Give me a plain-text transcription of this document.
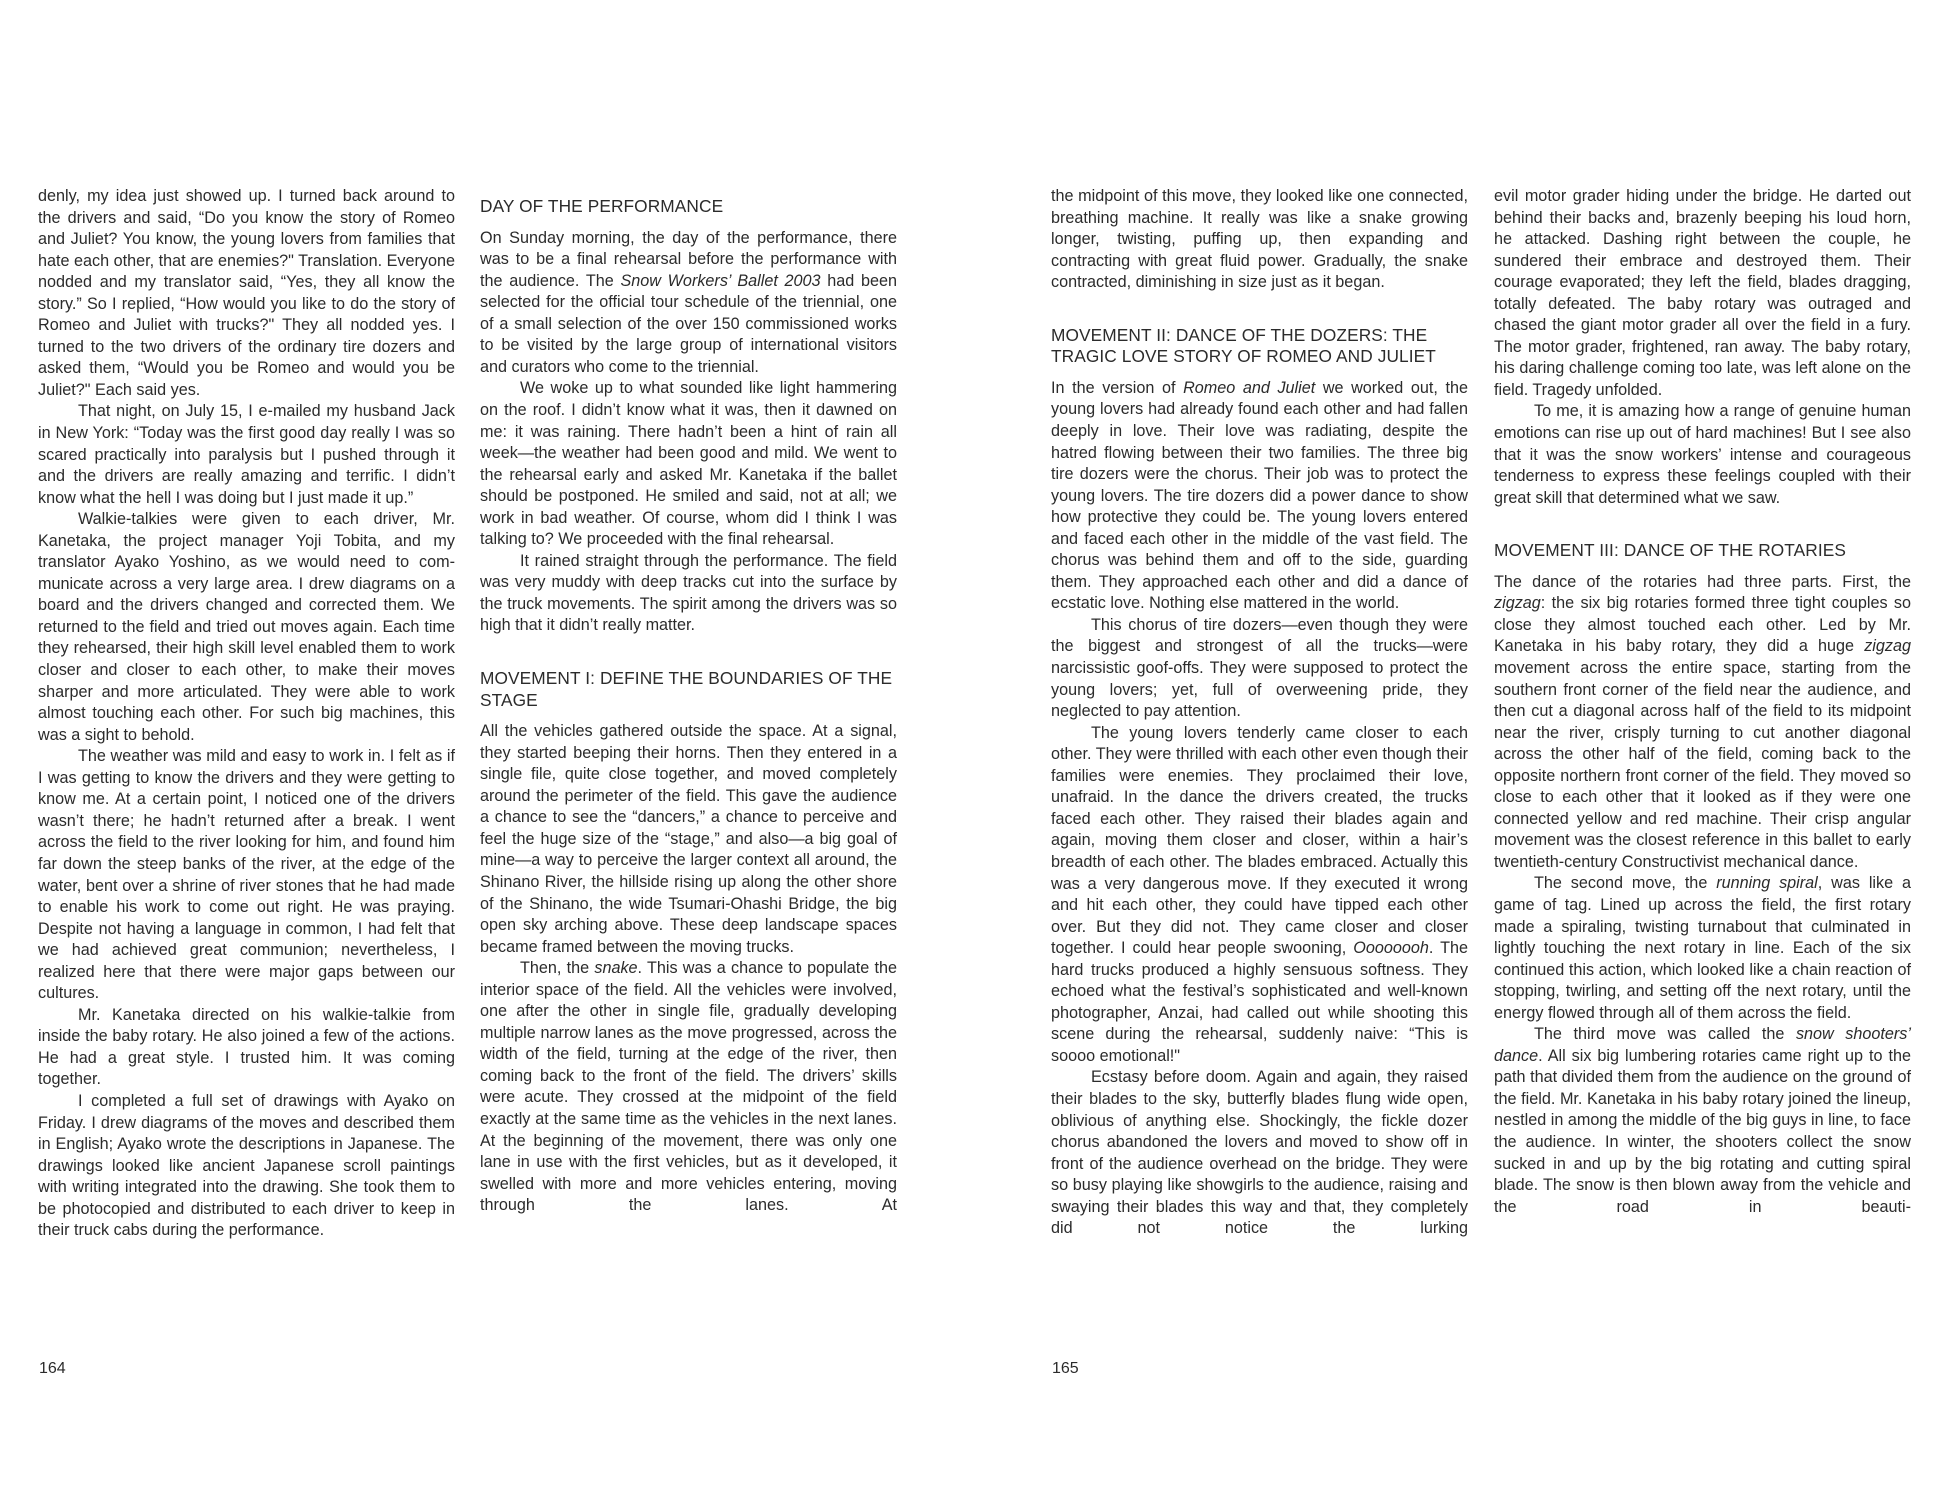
denly, my idea just showed up. I turned back around to the drivers and said, “Do you know the story of Romeo and Juliet? You know, the young lovers from families that hate each other, that are enemies?" Translation. Everyone nodded and my translator said, “Yes, they all know the story.” So I replied, “How would you like to do the story of Romeo and Juliet with trucks?" They all nodded yes. I turned to the two drivers of the ordinary tire dozers and asked them, “Would you be Romeo and would you be Juliet?" Each said yes.

That night, on July 15, I e-mailed my husband Jack in New York: “Today was the first good day really I was so scared practically into paralysis but I pushed through it and the drivers are really amazing and terrific. I didn’t know what the hell I was doing but I just made it up.”

Walkie-talkies were given to each driver, Mr. Kanetaka, the project manager Yoji Tobita, and my translator Ayako Yoshino, as we would need to communicate across a very large area. I drew diagrams on a board and the drivers changed and corrected them. We returned to the field and tried out moves again. Each time they rehearsed, their high skill level enabled them to work closer and closer to each other, to make their moves sharper and more articulated. They were able to work almost touching each other. For such big machines, this was a sight to behold.

The weather was mild and easy to work in. I felt as if I was getting to know the drivers and they were getting to know me. At a certain point, I noticed one of the drivers wasn’t there; he hadn’t returned after a break. I went across the field to the river looking for him, and found him far down the steep banks of the river, at the edge of the water, bent over a shrine of river stones that he had made to enable his work to come out right. He was praying. Despite not having a language in common, I had felt that we had achieved great communion; nevertheless, I realized here that there were major gaps between our cultures.

Mr. Kanetaka directed on his walkie-talkie from inside the baby rotary. He also joined a few of the actions. He had a great style. I trusted him. It was coming together.

I completed a full set of drawings with Ayako on Friday. I drew diagrams of the moves and described them in English; Ayako wrote the descriptions in Japanese. The drawings looked like ancient Japanese scroll paintings with writing integrated into the drawing. She took them to be photocopied and distributed to each driver to keep in their truck cabs during the performance.

DAY OF THE PERFORMANCE

On Sunday morning, the day of the performance, there was to be a final rehearsal before the performance with the audience. The Snow Workers’ Ballet 2003 had been selected for the official tour schedule of the triennial, one of a small selection of the over 150 commissioned works to be visited by the large group of international visitors and curators who come to the triennial.

We woke up to what sounded like light hammering on the roof. I didn’t know what it was, then it dawned on me: it was raining. There hadn’t been a hint of rain all week—the weather had been good and mild. We went to the rehearsal early and asked Mr. Kanetaka if the ballet should be postponed. He smiled and said, not at all; we work in bad weather. Of course, whom did I think I was talking to? We proceeded with the final rehearsal.

It rained straight through the performance. The field was very muddy with deep tracks cut into the surface by the truck movements. The spirit among the drivers was so high that it didn’t really matter.

MOVEMENT I: DEFINE THE BOUNDARIES OF THE STAGE

All the vehicles gathered outside the space. At a signal, they started beeping their horns. Then they entered in a single file, quite close together, and moved completely around the perimeter of the field. This gave the audience a chance to see the “dancers,” a chance to perceive and feel the huge size of the “stage,” and also—a big goal of mine—a way to perceive the larger context all around, the Shinano River, the hillside rising up along the other shore of the Shinano, the wide Tsumari-Ohashi Bridge, the big open sky arching above. These deep landscape spaces became framed between the moving trucks.

Then, the snake. This was a chance to populate the interior space of the field. All the vehicles were involved, one after the other in single file, gradually developing multiple narrow lanes as the move progressed, across the width of the field, turning at the edge of the river, then coming back to the front of the field. The drivers’ skills were acute. They crossed at the midpoint of the field exactly at the same time as the vehicles in the next lanes. At the beginning of the movement, there was only one lane in use with the first vehicles, but as it developed, it swelled with more and more vehicles entering, moving through the lanes. At

164

the midpoint of this move, they looked like one connected, breathing machine. It really was like a snake growing longer, twisting, puffing up, then expanding and contracting with great fluid power. Gradually, the snake contracted, diminishing in size just as it began.

MOVEMENT II: DANCE OF THE DOZERS: THE TRAGIC LOVE STORY OF ROMEO AND JULIET

In the version of Romeo and Juliet we worked out, the young lovers had already found each other and had fallen deeply in love. Their love was radiating, despite the hatred flowing between their two families. The three big tire dozers were the chorus. Their job was to protect the young lovers. The tire dozers did a power dance to show how protective they could be. The young lovers entered and faced each other in the middle of the vast field. The chorus was behind them and off to the side, guarding them. They approached each other and did a dance of ecstatic love. Nothing else mattered in the world.

This chorus of tire dozers—even though they were the biggest and strongest of all the trucks—were narcissistic goof-offs. They were supposed to protect the young lovers; yet, full of overweening pride, they neglected to pay attention.

The young lovers tenderly came closer to each other. They were thrilled with each other even though their families were enemies. They proclaimed their love, unafraid. In the dance the drivers created, the trucks faced each other. They raised their blades again and again, moving them closer and closer, within a hair’s breadth of each other. The blades embraced. Actually this was a very dangerous move. If they executed it wrong and hit each other, they could have tipped each other over. But they did not. They came closer and closer together. I could hear people swooning, Oooooooh. The hard trucks produced a highly sensuous softness. They echoed what the festival’s sophisticated and well-known photographer, Anzai, had called out while shooting this scene during the rehearsal, suddenly naive: “This is soooo emotional!"

Ecstasy before doom. Again and again, they raised their blades to the sky, butterfly blades flung wide open, oblivious of anything else. Shockingly, the fickle dozer chorus abandoned the lovers and moved to show off in front of the audience overhead on the bridge. They were so busy playing like showgirls to the audience, raising and swaying their blades this way and that, they completely did not notice the lurking

evil motor grader hiding under the bridge. He darted out behind their backs and, brazenly beeping his loud horn, he attacked. Dashing right between the couple, he sundered their embrace and destroyed them. Their courage evaporated; they left the field, blades dragging, totally defeated. The baby rotary was outraged and chased the giant motor grader all over the field in a fury. The motor grader, frightened, ran away. The baby rotary, his daring challenge coming too late, was left alone on the field. Tragedy unfolded.

To me, it is amazing how a range of genuine human emotions can rise up out of hard machines! But I see also that it was the snow workers’ intense and courageous tenderness to express these feelings coupled with their great skill that determined what we saw.

MOVEMENT III: DANCE OF THE ROTARIES

The dance of the rotaries had three parts. First, the zigzag: the six big rotaries formed three tight couples so close they almost touched each other. Led by Mr. Kanetaka in his baby rotary, they did a huge zigzag movement across the entire space, starting from the southern front corner of the field near the audience, and then cut a diagonal across half of the field to its midpoint near the river, crisply turning to cut another diagonal across the other half of the field, coming back to the opposite northern front corner of the field. They moved so close to each other that it looked as if they were one connected yellow and red machine. Their crisp angular movement was the closest reference in this ballet to early twentieth-century Constructivist mechanical dance.

The second move, the running spiral, was like a game of tag. Lined up across the field, the first rotary made a spiraling, twisting turnabout that culminated in lightly touching the next rotary in line. Each of the six continued this action, which looked like a chain reaction of stopping, twirling, and setting off the next rotary, until the energy flowed through all of them across the field.

The third move was called the snow shooters’ dance. All six big lumbering rotaries came right up to the path that divided them from the audience on the ground of the field. Mr. Kanetaka in his baby rotary joined the lineup, nestled in among the middle of the big guys in line, to face the audience. In winter, the shooters collect the snow sucked in and up by the big rotating and cutting spiral blade. The snow is then blown away from the vehicle and the road in beauti-

165
